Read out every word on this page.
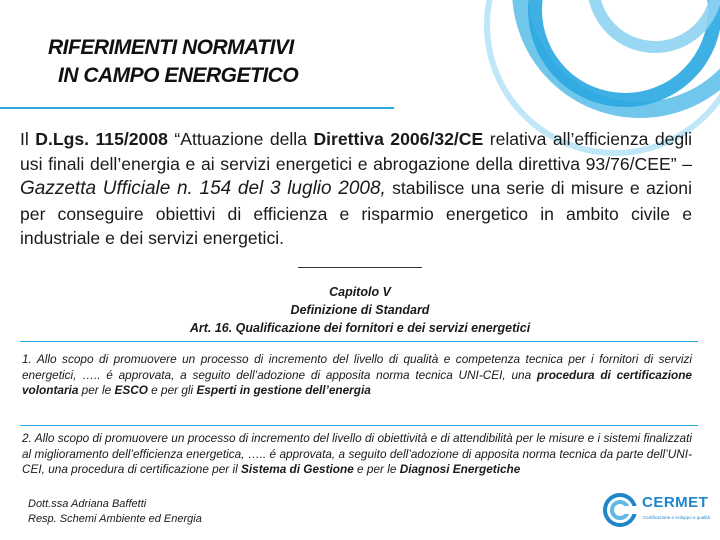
RIFERIMENTI NORMATIVI
IN CAMPO ENERGETICO

Il D.Lgs. 115/2008 “Attuazione della Direttiva 2006/32/CE relativa all’efficienza degli usi finali dell’energia e ai servizi energetici e abrogazione della direttiva 93/76/CEE” – Gazzetta Ufficiale n. 154 del 3 luglio 2008, stabilisce una serie di misure e azioni per conseguire obiettivi di efficienza e risparmio energetico in ambito civile e industriale e dei servizi energetici.

Capitolo V
Definizione di Standard
Art. 16. Qualificazione dei fornitori e dei servizi energetici

1. Allo scopo di promuovere un processo di incremento del livello di qualità e competenza tecnica per i fornitori di servizi energetici, ….. é approvata, a seguito dell’adozione di apposita norma tecnica UNI-CEI, una procedura di certificazione volontaria per le ESCO e per gli Esperti in gestione dell’energia

2. Allo scopo di promuovere un processo di incremento del livello di obiettività e di attendibilità per le misure e i sistemi finalizzati al miglioramento dell’efficienza energetica, ….. é approvata, a seguito dell’adozione di apposita norma tecnica da parte dell’UNI-CEI, una procedura di certificazione per il Sistema di Gestione e per le Diagnosi Energetiche

Dott.ssa Adriana Baffetti
Resp. Schemi Ambiente ed Energia
CERMET
Certificazione e sviluppo e qualità
